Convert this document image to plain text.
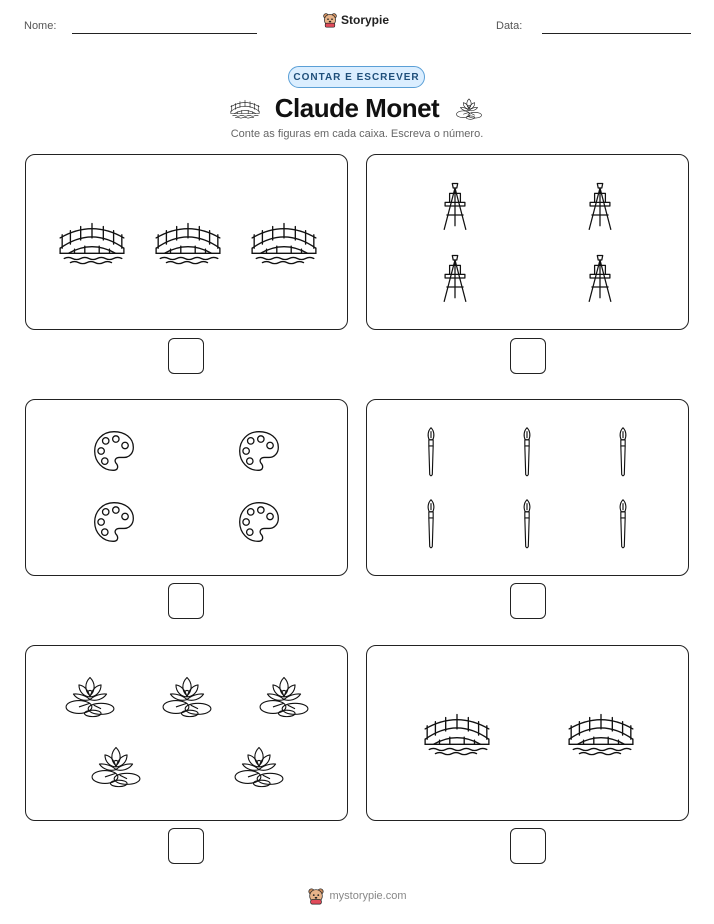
Nome:	Storypie	Data:
CONTAR E ESCREVER
Claude Monet
Conte as figuras em cada caixa. Escreva o número.
mystorypie.com
